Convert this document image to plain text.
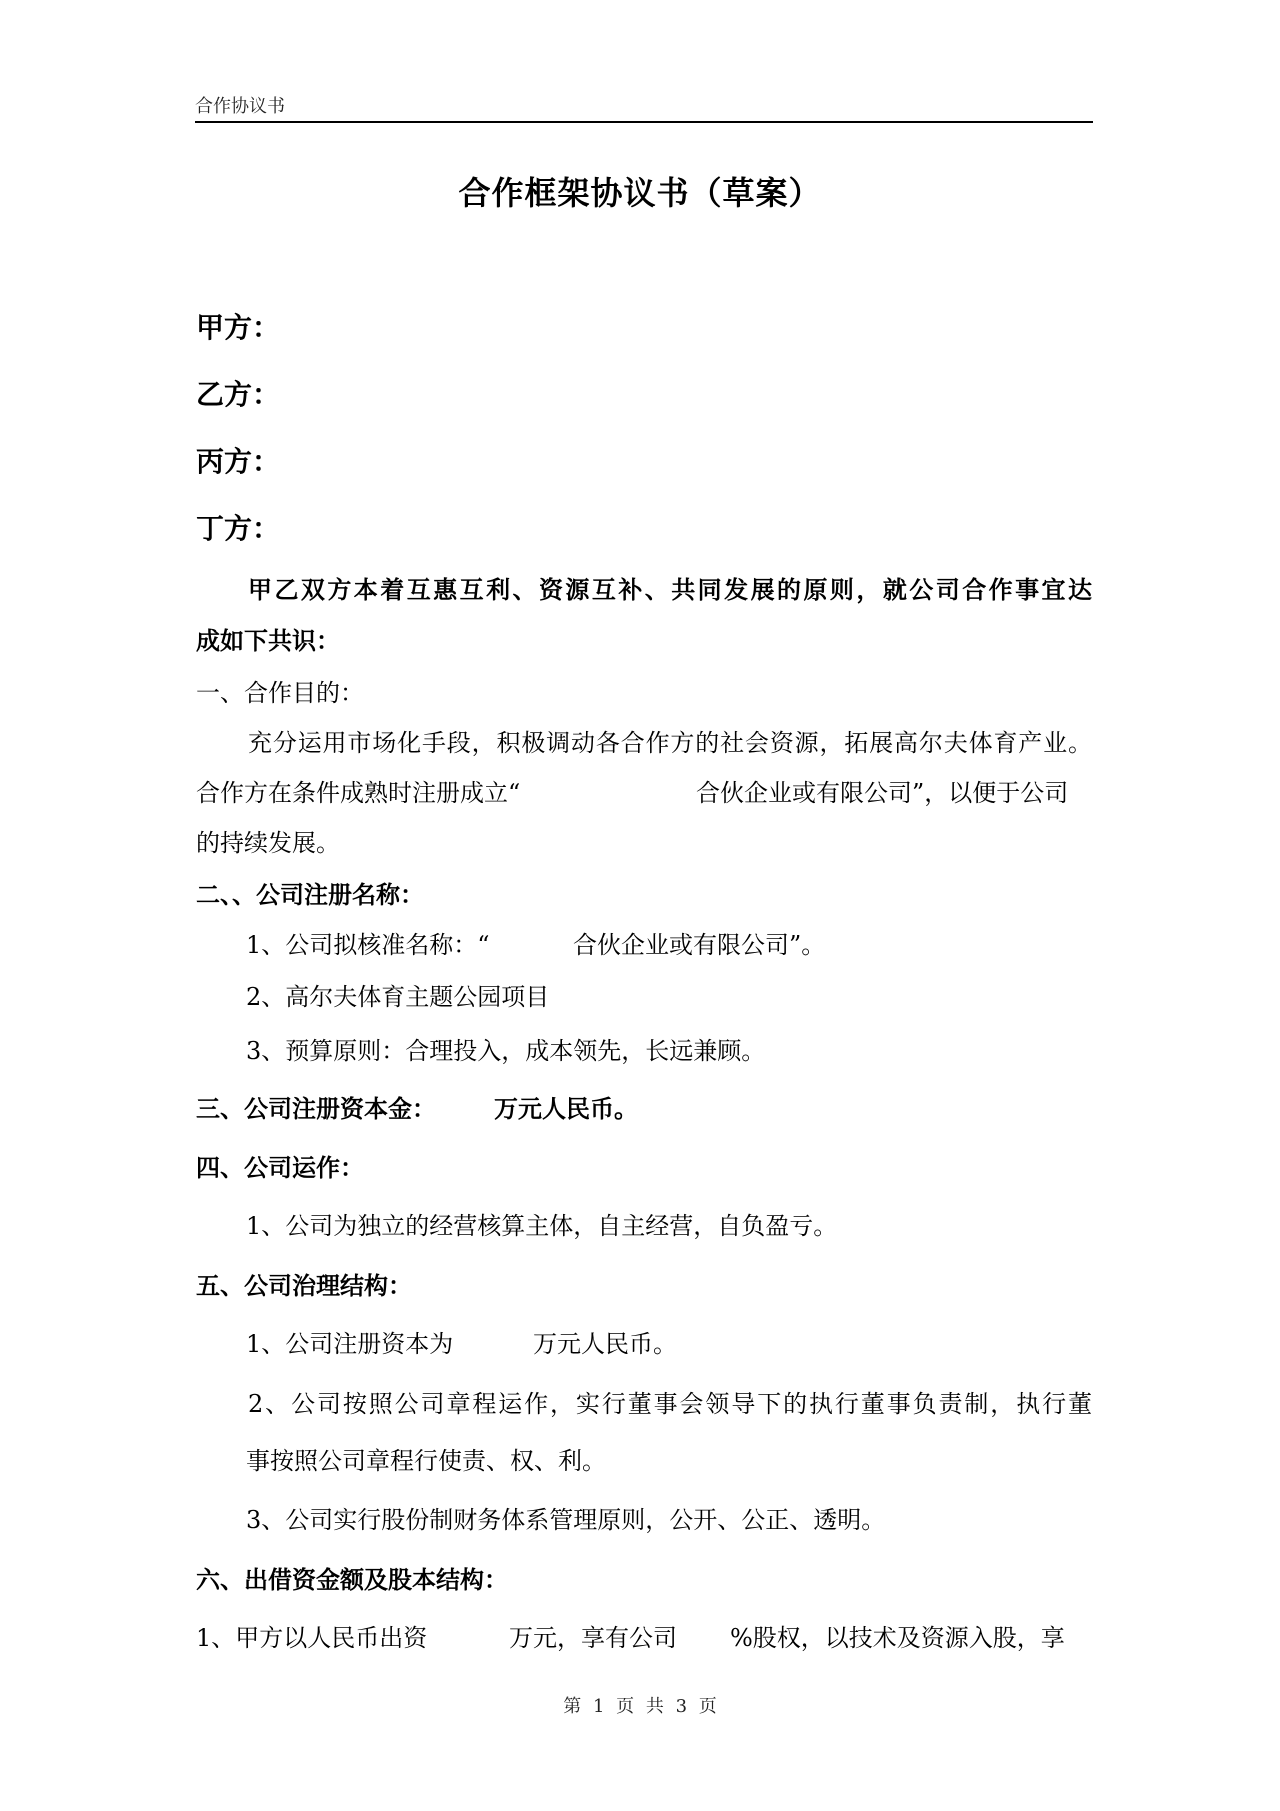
合作协议书
合作框架协议书（草案）
甲方：
乙方：
丙方：
丁方：
甲乙双方本着互惠互利、资源互补、共同发展的原则，就公司合作事宜达
成如下共识：
一、合作目的：
充分运用市场化手段，积极调动各合作方的社会资源，拓展高尔夫体育产业。
合作方在条件成熟时注册成立“	合伙企业或有限公司”，以便于公司
的持续发展。
二、、公司注册名称：
1、公司拟核准名称：“	合伙企业或有限公司”。
2、高尔夫体育主题公园项目
3、预算原则：合理投入，成本领先，长远兼顾。
三、公司注册资本金： 万元人民币。
四、公司运作：
1、公司为独立的经营核算主体，自主经营，自负盈亏。
五、公司治理结构：
1、公司注册资本为	万元人民币。
2、公司按照公司章程运作，实行董事会领导下的执行董事负责制，执行董
事按照公司章程行使责、权、利。
3、公司实行股份制财务体系管理原则，公开、公正、透明。
六、出借资金额及股本结构：
1、甲方以人民币出资	万元，享有公司 %股权，以技术及资源入股，享
第 1 页 共 3 页
